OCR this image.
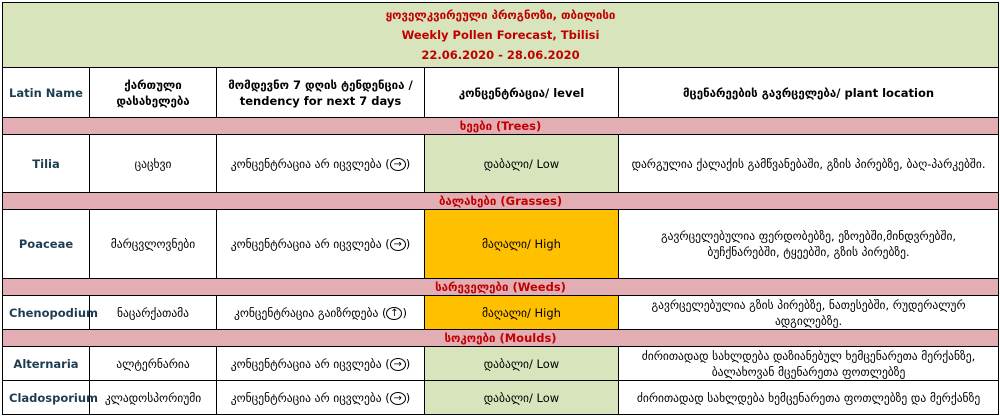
ყოველკვირეული პროგნოზი, თბილისი
Weekly Pollen Forecast, Tbilisi
22.06.2020 - 28.06.2020				

Latin Name	ქართული დასახელება	მომდევნო 7 დღის ტენდენცია / tendency for next 7 days	კონცენტრაცია/ level	მცენარეების გავრცელება/ plant location
ხეები (Trees)				
Tilia	ცაცხვი	კონცენტრაცია არ იცვლება ( → )	დაბალი/ Low	დარგულია ქალაქის გამწვანებაში, გზის პირებზე, ბაღ-პარკებში.
ბალახები (Grasses)				
Poaceae	მარცვლოვნები	კონცენტრაცია არ იცვლება ( → )	მაღალი/ High	გავრცელებულია ფერდობებზე, ეზოებში,მინდვრებში, ბუჩქნარებში, ტყეებში, გზის პირებზე.
სარეველები (Weeds)				
Chenopodium	ნაცარქათამა	კონცენტრაცია გაიზრდება ( ↑ )	მაღალი/ High	გავრცელებულია გზის პირებზე, ნათესებში, რუდერალურ ადგილებზე.
სოკოები (Moulds)				
Alternaria	ალტერნარია	კონცენტრაცია არ იცვლება ( → )	დაბალი/ Low	ძირითადად სახლდება დაზიანებულ ხემცენარეთა მერქანზე, ბალახოვან მცენარეთა ფოთლებზე
Cladosporium	კლადოსპორიუმი	კონცენტრაცია არ იცვლება ( → )	დაბალი/ Low	ძირითადად სახლდება ხემცენარეთა ფოთლებზე და მერქანზე
